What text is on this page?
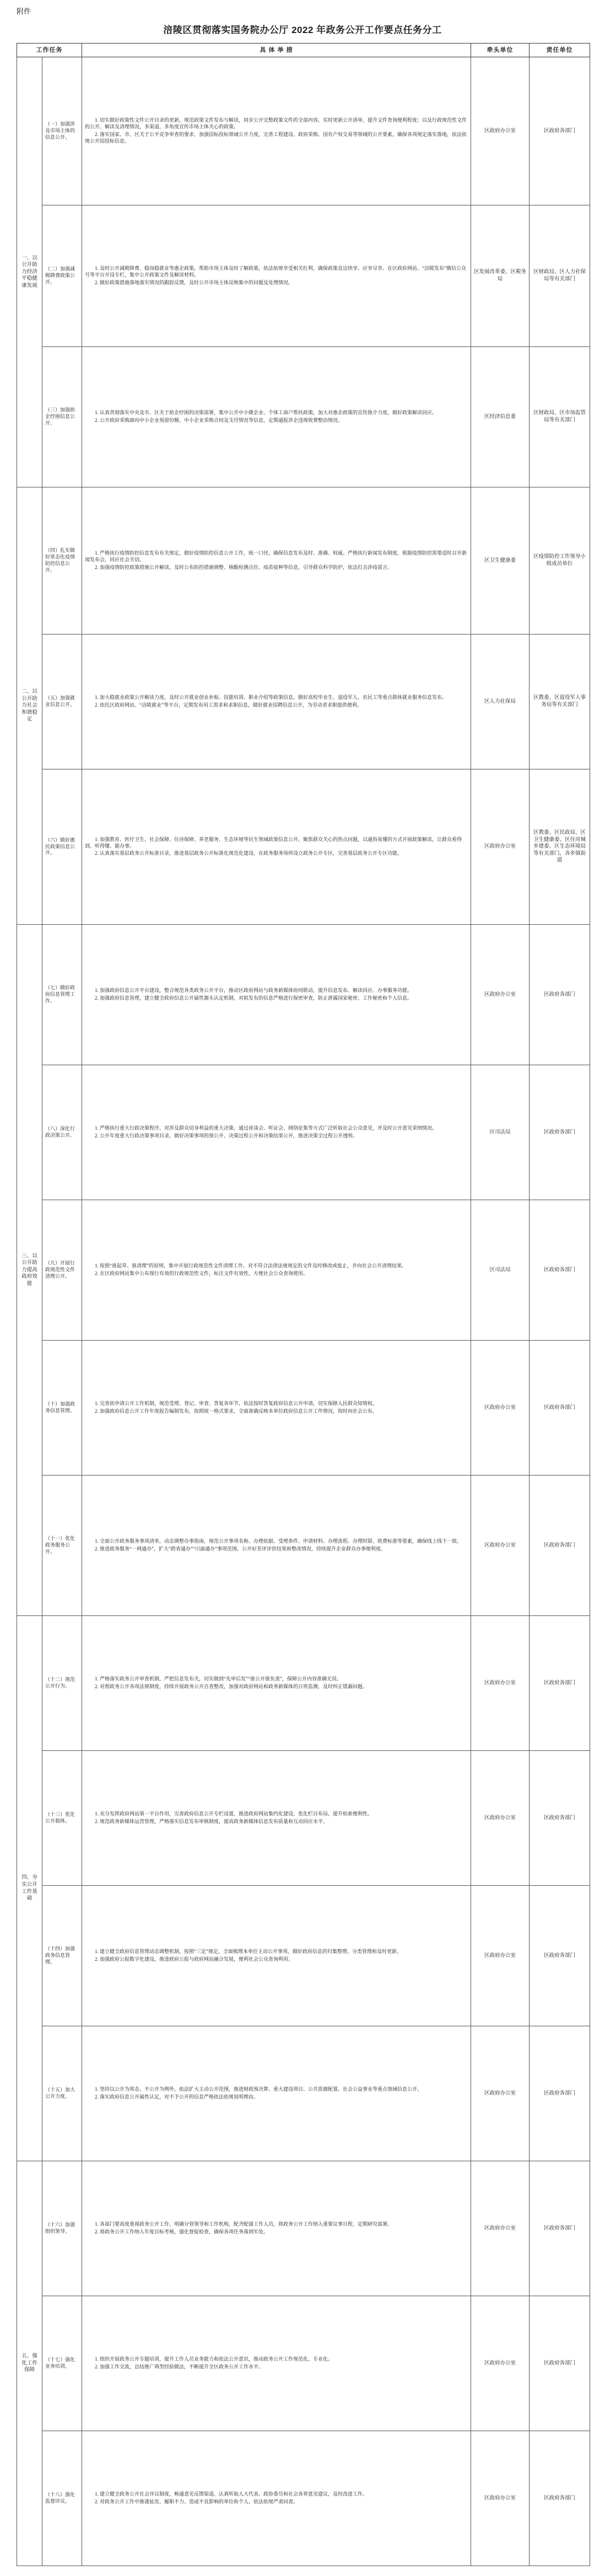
附件
涪陵区贯彻落实国务院办公厅 2022 年政务公开工作要点任务分工
工作任务		具 体 举 措	牵头单位	责任单位
一、以公开助力经济平稳健康发展	（一）加强涉及市场主体的信息公开。	1. 切实做好政策性文件公开目录的更新，规范政策文件发布与解读，同步公开完整政策文件的全部内容，实时更新公开清单，提升文件查询便利程度；以及行政规范性文件的公开、解读及清理情况，多渠道、多角度宣传市场主体关心的政策。

2. 落实国家、市、区关于公平竞争审查的要求，加强招标投标领域公开力度，完善工程建设、政府采购、国有产权交易等领域的公开要素，确保各项规定落实落地，依法依规公开招投标信息。	区政府办公室	区政府各部门
	（二）加强减税降费政策公开。	1. 及时公开减税降费、稳岗稳就业等惠企政策，帮助市场主体及时了解政策，依法依规享受相关红利，确保政策直达快享、应享尽享。在区政府网站、“涪陵发布”微信公众号等平台开设专栏，集中公开政策文件及解读材料。

2. 做好政策措施落地落实情况的跟踪反馈，及时公开市场主体反映集中的问题及处理情况。	区发展改革委、区税务局	区财政局、区人力社保局等有关部门
	（三）加强助企纾困信息公开。	1. 认真贯彻落实中央及市、区关于助企纾困的决策部署，集中公开中小微企业、个体工商户帮扶政策，加大对惠企政策的宣传推介力度，做好政策解读回应。

2. 公开政府采购面向中小企业预留份额、中小企业采购合同及支付情况等信息，定期通报涉企违规收费整治情况。	区经济信息委	区财政局、区市场监管局等有关部门
二、以公开助力社会和谐稳定	（四）扎实做好常态化疫情防控信息公开。	1. 严格执行疫情防控信息发布有关规定，做好疫情防控信息公开工作，统一口径，确保信息发布及时、准确、权威。严格执行新闻发布制度，根据疫情防控需要适时召开新闻发布会，回应社会关切。

2. 加强疫情防控政策措施公开解读，及时公布防控措施调整、核酸检测点位、疫苗接种等信息，引导群众科学防护，依法打击涉疫谣言。	区卫生健康委	区疫情防控工作领导小组成员单位
	（五）加强就业信息公开。	1. 加大稳就业政策公开解读力度，及时公开就业创业补贴、技能培训、职业介绍等政策信息，做好高校毕业生、退役军人、农民工等重点群体就业服务信息发布。

2. 依托区政府网站、“涪陵就业”等平台，定期发布用工需求和求职信息，做好就业招聘信息公开，为劳动者求职提供便利。	区人力社保局	区教委、区退役军人事务局等有关部门
	（六）做好惠民政策信息公开。	1. 加强教育、医疗卫生、社会保障、住房保障、养老服务、生态环境等民生领域政策信息公开，聚焦群众关心的热点问题，以通俗易懂的方式开展政策解读，让群众看得到、听得懂、能办事。

2. 认真落实基层政务公开标准目录，推进基层政务公开标准化规范化建设，在政务服务场所设立政务公开专区，完善基层政务公开专区功能。	区政府办公室	区教委、区民政局、区卫生健康委、区住房城乡建委、区生态环境局等有关部门，各乡镇街道
三、以公开助力提高政府效能	（七）做好政府信息管理工作。	1. 加强政府信息公开平台建设，整合规范各类政务公开平台，推动区政府网站与政务新媒体协同联动，提升信息发布、解读回应、办事服务功能。

2. 加强政府信息管理，建立健全政府信息公开属性源头认定机制，对拟发布的信息严格进行保密审查，防止泄露国家秘密、工作秘密和个人信息。	区政府办公室	区政府各部门
	（八）深化行政决策公开。	1. 严格执行重大行政决策程序，对涉及群众切身利益的重大决策，通过座谈会、听证会、网络征集等方式广泛听取社会公众意见，并及时公开意见采纳情况。

2. 公开年度重大行政决策事项目录，做好决策事项的预公开、决策过程公开和决策结果公开，推进决策全过程公开透明。	区司法局	区政府各部门
	（九）开展行政规范性文件清理公开。	1. 按照“谁起草、谁清理”的原则，集中开展行政规范性文件清理工作，对不符合法律法规规定的文件及时修改或废止，并向社会公开清理结果。

2. 在区政府网站集中公布现行有效的行政规范性文件，标注文件有效性，方便社会公众查询使用。	区司法局	区政府各部门
	（十）加强政务信息管理。	1. 完善依申请公开工作机制，规范受理、登记、审查、答复各环节，依法按时答复政府信息公开申请，切实保障人民群众知情权。

2. 加强政府信息公开工作年度报告编制发布，按照统一格式要求，全面准确反映本单位政府信息公开工作情况，按时向社会公布。	区政府办公室	区政府各部门
	（十一）优化政务服务公开。	1. 全面公开政务服务事项清单，动态调整办事指南，规范公开事项名称、办理依据、受理条件、申请材料、办理流程、办理时限、收费标准等要素，确保线上线下一致。

2. 推进政务服务“一网通办”，扩大“跨省通办”“川渝通办”事项范围，公开好差评评价结果和整改情况，持续提升企业群众办事便利度。	区政府办公室	区政府各部门
四、夯实公开工作基础	（十二）规范公开行为。	1. 严格落实政务公开审查机制，严把信息发布关，切实做到“先审后发”“谁公开谁负责”，保障公开内容准确无误。

2. 对照政务公开各项法规制度，持续开展政务公开自查整改，加强对政府网站和政务新媒体的日常监测，及时纠正错漏问题。	区政府办公室	区政府各部门
	（十三）优化公开载体。	1. 充分发挥政府网站第一平台作用，完善政府信息公开专栏设置，推进政府网站集约化建设，优化栏目布局，提升检索便利性。

2. 规范政务新媒体运营管理，严格落实信息发布审核制度，提高政务新媒体信息发布质量和互动回应水平。	区政府办公室	区政府各部门
	（十四）加强政务信息管理。	1. 建立健全政府信息管理动态调整机制，按照“三定”规定，全面梳理本单位主动公开事项，做好政府信息的归集整理、分类管理和及时更新。

2. 加强政府公报数字化建设，推进政府公报与政府网站融合发展，便利社会公众查询利用。	区政府办公室	区政府各部门
	（十五）加大公开力度。	1. 坚持以公开为常态、不公开为例外，依法扩大主动公开范围，推进财政预决算、重大建设项目、公共资源配置、社会公益事业等重点领域信息公开。

2. 落实政府信息公开属性认定，对不予公开的信息严格依法依规说明理由。	区政府办公室	区政府各部门
五、强化工作保障	（十六）加强组织领导。	1. 各部门要高度重视政务公开工作，明确分管领导和工作机构，配齐配强工作人员，将政务公开工作纳入重要议事日程，定期研究部署。

2. 将政务公开工作纳入年度目标考核，强化督促检查，确保各项任务落到实处。	区政府办公室	区政府各部门
	（十七）强化业务培训。	1. 组织开展政务公开专题培训，提升工作人员业务能力和依法公开意识，推动政务公开工作规范化、专业化。

2. 加强工作交流，总结推广典型经验做法，不断提升全区政务公开工作水平。	区政府办公室	区政府各部门
	（十八）强化监督评议。	1. 建立健全政务公开社会评议制度，畅通意见反馈渠道，认真听取人大代表、政协委员和社会各界意见建议，及时改进工作。

2. 对政务公开工作中推诿扯皮、履职不力、造成不良影响的单位和个人，依法依规严肃问责。	区政府办公室	区政府各部门
